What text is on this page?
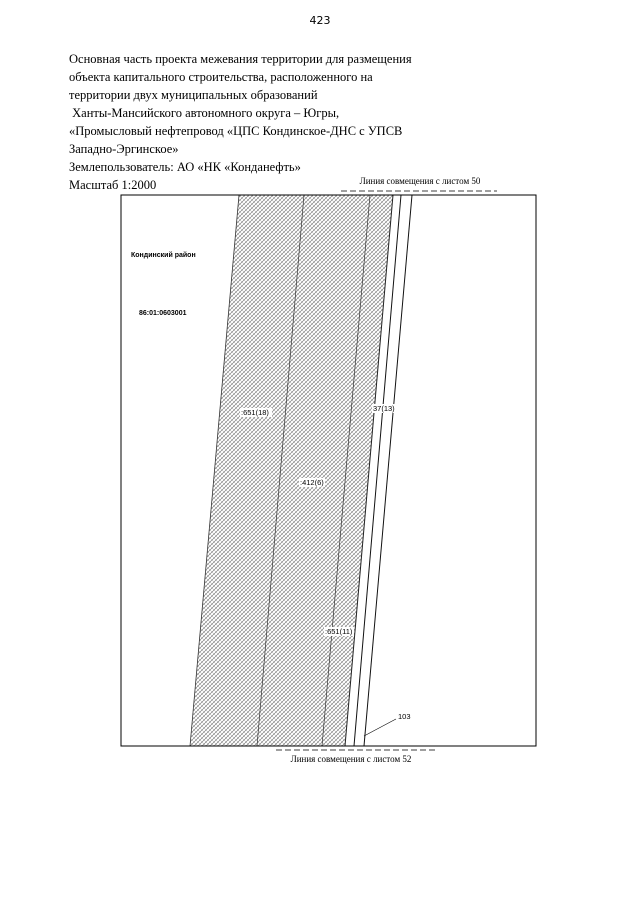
423
Основная часть проекта межевания территории для размещения
объекта капитального строительства, расположенного на
территории двух муниципальных образований
Ханты-Мансийского автономного округа – Югры,
«Промысловый нефтепровод «ЦПС Кондинское-ДНС с УПСВ
Западно-Эргинское»
Землепользователь: АО «НК «Конданефть»
Масштаб 1:2000	Линия совмещения с листом 50
Кондинский район
86:01:0603001
:651(18)
:412(6)
:651(11)
37(13)
103
Линия совмещения с листом 52
